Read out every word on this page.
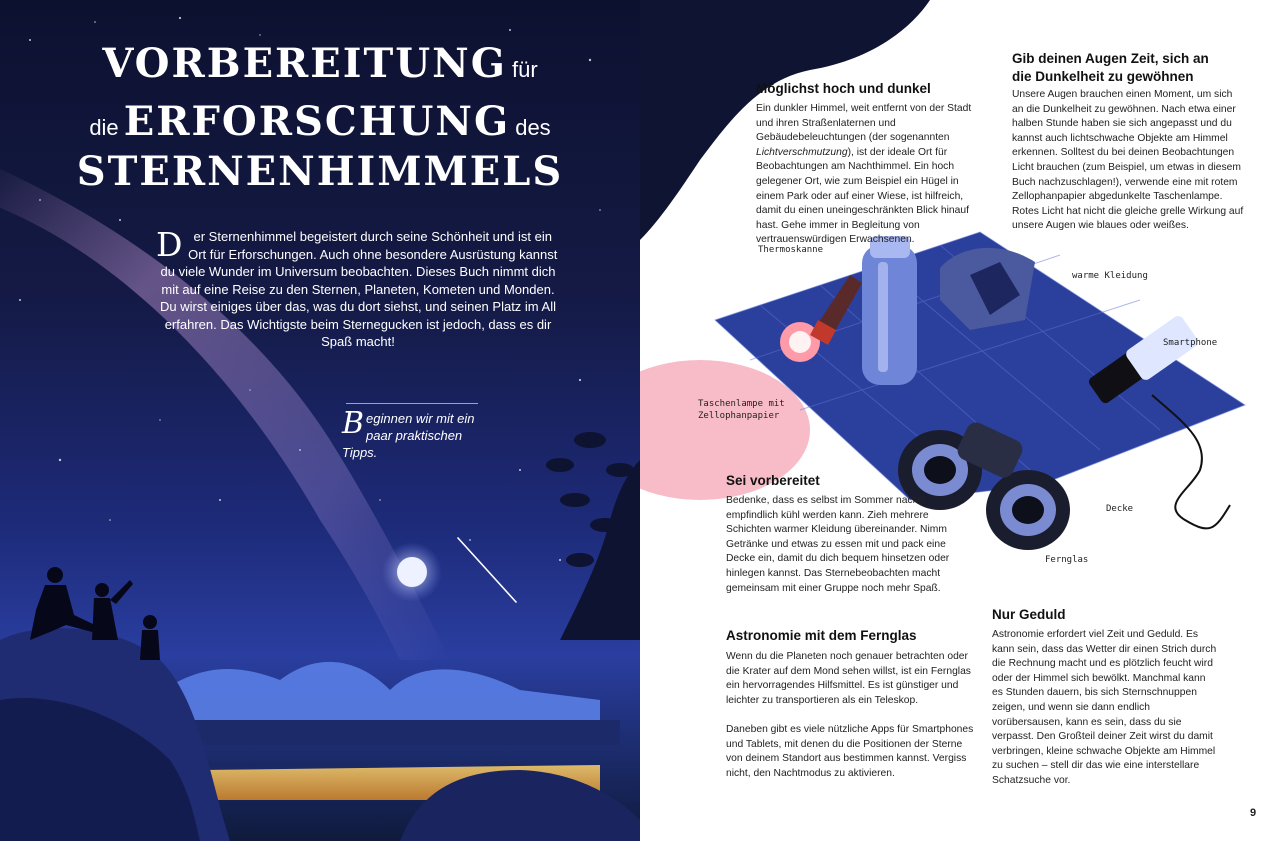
VORBEREITUNG für
die ERFORSCHUNG des
STERNENHIMMELS
Der Sternenhimmel begeistert durch seine Schönheit und ist ein Ort für Erforschungen. Auch ohne besondere Ausrüstung kannst du viele Wunder im Universum beobachten. Dieses Buch nimmt dich mit auf eine Reise zu den Sternen, Planeten, Kometen und Monden. Du wirst einiges über das, was du dort siehst, und seinen Platz im All erfahren. Das Wichtigste beim Sternegucken ist jedoch, dass es dir Spaß macht!
Beginnen wir mit ein paar praktischen Tipps.
Möglichst hoch und dunkel
Ein dunkler Himmel, weit entfernt von der Stadt und ihren Straßenlaternen und Gebäudebeleuchtungen (der sogenannten Lichtverschmutzung), ist der ideale Ort für Beobachtungen am Nachthimmel. Ein hoch gelegener Ort, wie zum Beispiel ein Hügel in einem Park oder auf einer Wiese, ist hilfreich, damit du einen uneingeschränkten Blick hinauf hast. Gehe immer in Begleitung von vertrauenswürdigen Erwachsenen.
Gib deinen Augen Zeit, sich an die Dunkelheit zu gewöhnen
Unsere Augen brauchen einen Moment, um sich an die Dunkelheit zu gewöhnen. Nach etwa einer halben Stunde haben sie sich angepasst und du kannst auch lichtschwache Objekte am Himmel erkennen. Solltest du bei deinen Beobachtungen Licht brauchen (zum Beispiel, um etwas in diesem Buch nachzuschlagen!), verwende eine mit rotem Zellophanpapier abgedunkelte Taschenlampe. Rotes Licht hat nicht die gleiche grelle Wirkung auf unsere Augen wie blaues oder weißes.
Thermoskanne
warme Kleidung
Smartphone
Taschenlampe mit
Zellophanpapier
Decke
Fernglas
Sei vorbereitet
Bedenke, dass es selbst im Sommer nachts empfindlich kühl werden kann. Zieh mehrere Schichten warmer Kleidung übereinander. Nimm Getränke und etwas zu essen mit und pack eine Decke ein, damit du dich bequem hinsetzen oder hinlegen kannst. Das Sternebeobachten macht gemeinsam mit einer Gruppe noch mehr Spaß.
Astronomie mit dem Fernglas
Wenn du die Planeten noch genauer betrachten oder die Krater auf dem Mond sehen willst, ist ein Fernglas ein hervorragendes Hilfsmittel. Es ist günstiger und leichter zu transportieren als ein Teleskop.
Daneben gibt es viele nützliche Apps für Smartphones und Tablets, mit denen du die Positionen der Sterne von deinem Standort aus bestimmen kannst. Vergiss nicht, den Nachtmodus zu aktivieren.
Nur Geduld
Astronomie erfordert viel Zeit und Geduld. Es kann sein, dass das Wetter dir einen Strich durch die Rechnung macht und es plötzlich feucht wird oder der Himmel sich bewölkt. Manchmal kann es Stunden dauern, bis sich Sternschnuppen zeigen, und wenn sie dann endlich vorübersausen, kann es sein, dass du sie verpasst. Den Großteil deiner Zeit wirst du damit verbringen, kleine schwache Objekte am Himmel zu suchen – stell dir das wie eine interstellare Schatzsuche vor.
9
